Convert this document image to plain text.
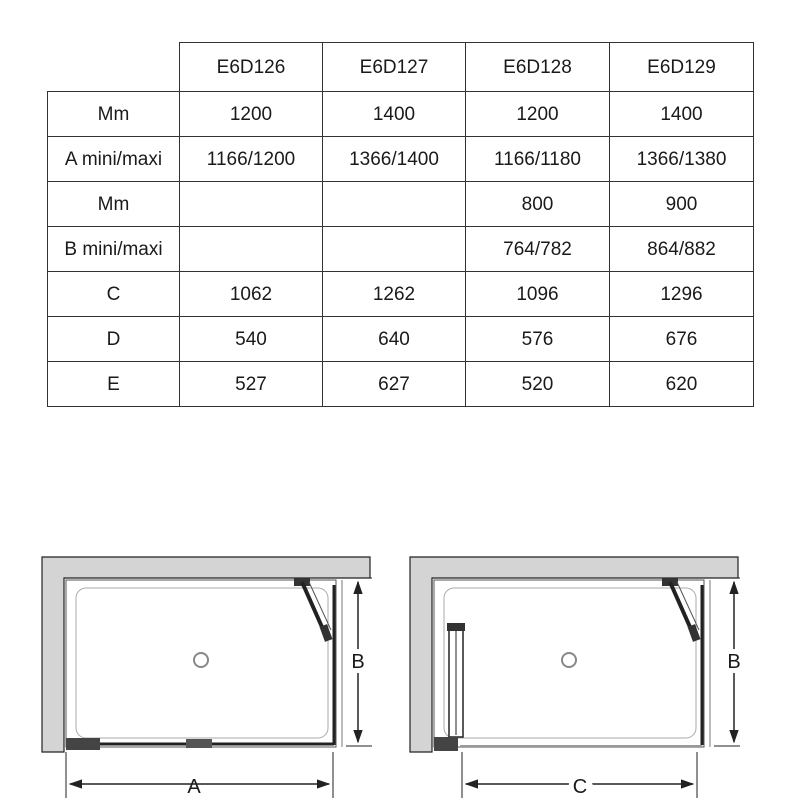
	E6D126	E6D127	E6D128	E6D129
Mm	1200	1400	1200	1400
A mini/maxi	1166/1200	1366/1400	1166/1180	1366/1380
Mm			800	900
B mini/maxi			764/782	864/882
C	1062	1262	1096	1296
D	540	640	576	676
E	527	627	520	620
A
B
C
B
